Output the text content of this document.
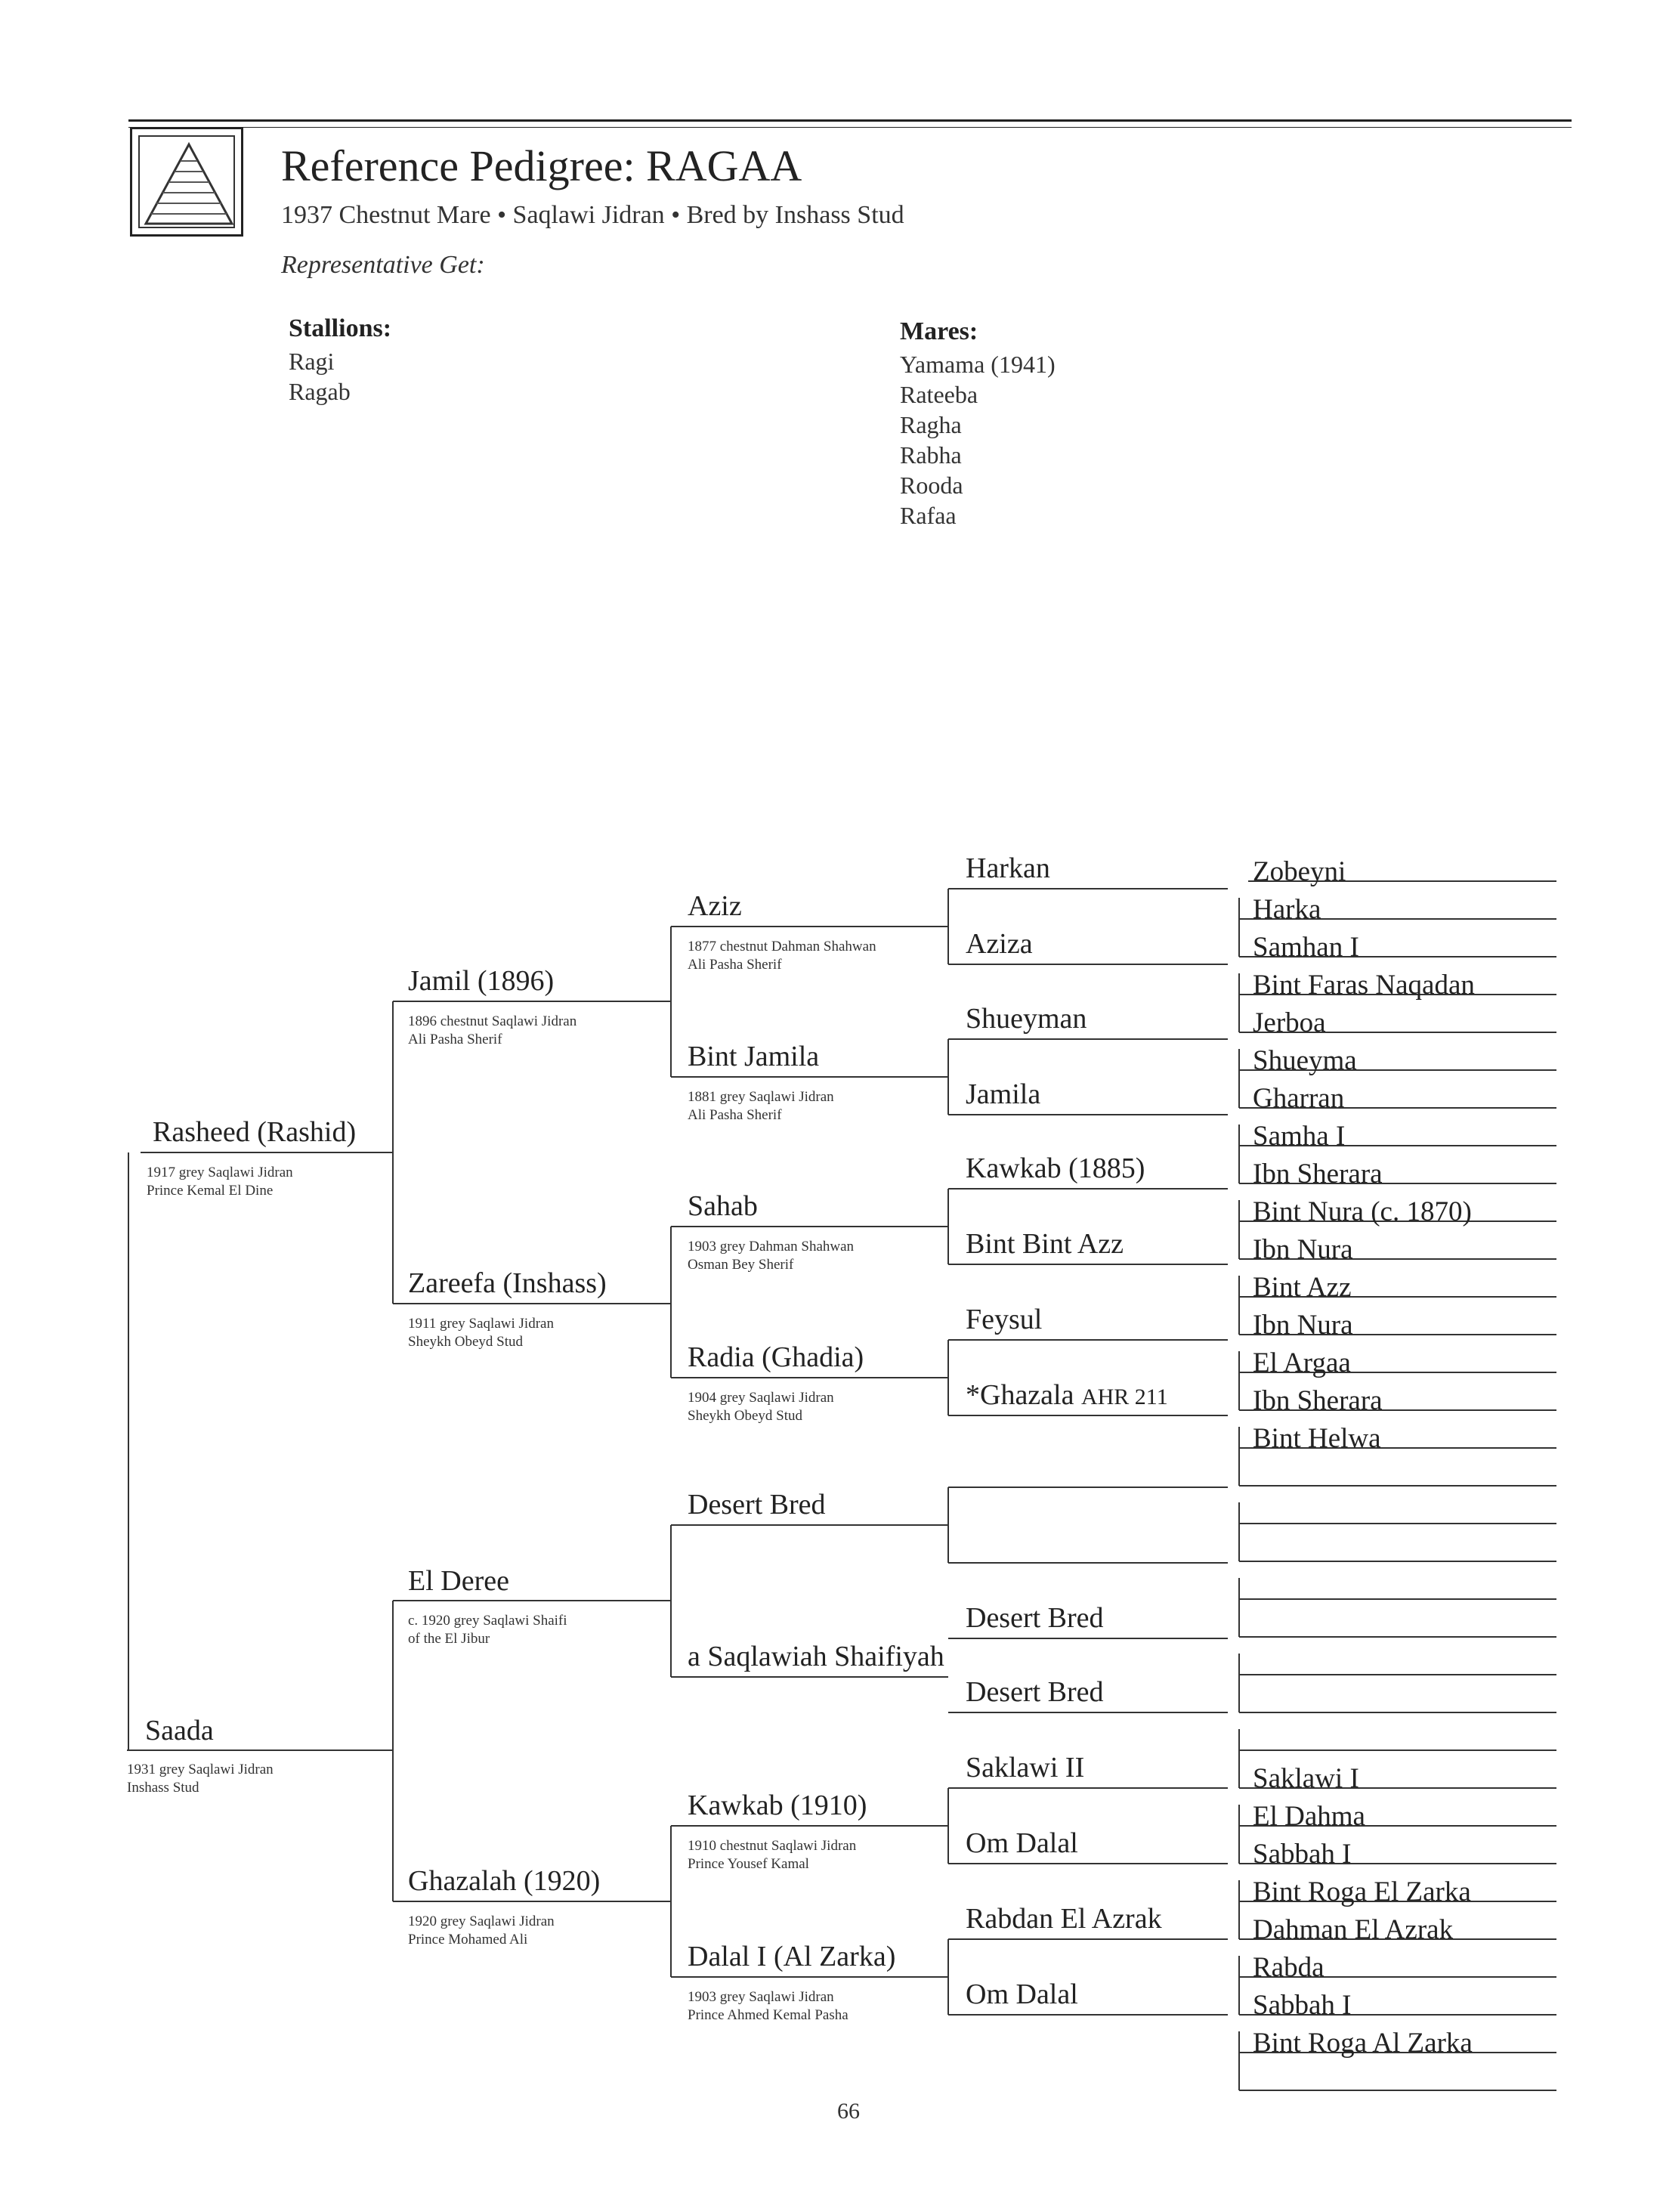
Reference Pedigree: RAGAA
1937 Chestnut Mare • Saqlawi Jidran • Bred by Inshass Stud
Representative Get:
Stallions:
Ragi
Ragab
Mares:
Yamama (1941)
Rateeba
Ragha
Rabha
Rooda
Rafaa
Rasheed (Rashid)
1917 grey Saqlawi Jidran
Prince Kemal El Dine
Saada
1931 grey Saqlawi Jidran
Inshass Stud
Jamil (1896)
1896 chestnut Saqlawi Jidran
Ali Pasha Sherif
Zareefa (Inshass)
1911 grey Saqlawi Jidran
Sheykh Obeyd Stud
El Deree
c. 1920 grey Saqlawi Shaifi
of the El Jibur
Ghazalah (1920)
1920 grey Saqlawi Jidran
Prince Mohamed Ali
Aziz
1877 chestnut Dahman Shahwan
Ali Pasha Sherif
Bint Jamila
1881 grey Saqlawi Jidran
Ali Pasha Sherif
Sahab
1903 grey Dahman Shahwan
Osman Bey Sherif
Radia (Ghadia)
1904 grey Saqlawi Jidran
Sheykh Obeyd Stud
Desert Bred
a Saqlawiah Shaifiyah
Kawkab (1910)
1910 chestnut Saqlawi Jidran
Prince Yousef Kamal
Dalal I (Al Zarka)
1903 grey Saqlawi Jidran
Prince Ahmed Kemal Pasha
Harkan
Aziza
Shueyman
Jamila
Kawkab (1885)
Bint Bint Azz
Feysul
*Ghazala AHR 211
Desert Bred
Desert Bred
Saklawi II
Om Dalal
Rabdan El Azrak
Om Dalal
Zobeyni
Harka
Samhan I
Bint Faras Naqadan
Jerboa
Shueyma
Gharran
Samha I
Ibn Sherara
Bint Nura (c. 1870)
Ibn Nura
Bint Azz
Ibn Nura
El Argaa
Ibn Sherara
Bint Helwa
Saklawi I
El Dahma
Sabbah I
Bint Roga El Zarka
Dahman El Azrak
Rabda
Sabbah I
Bint Roga Al Zarka
66
